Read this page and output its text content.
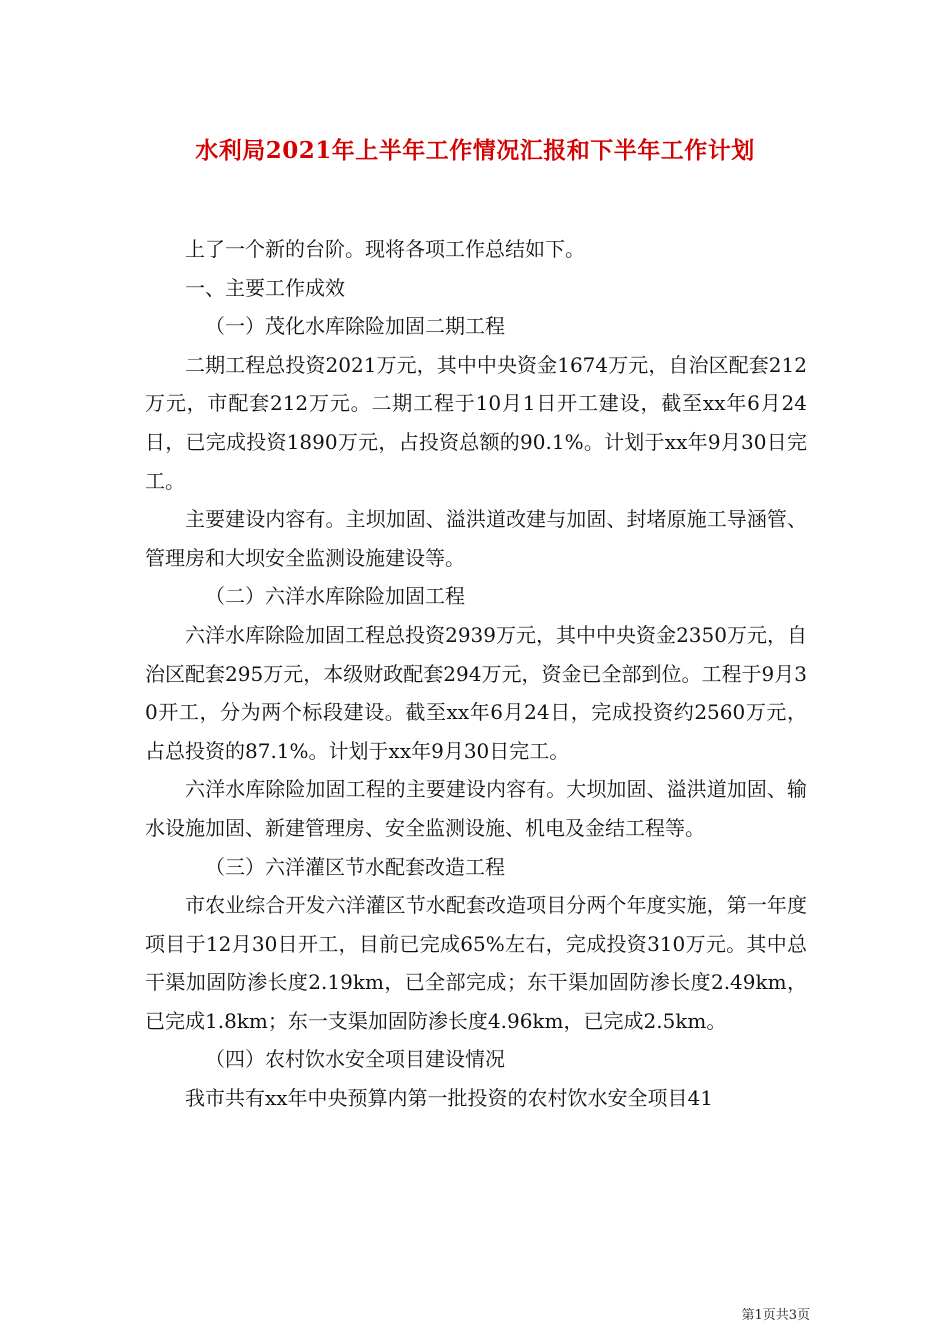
水利局2021年上半年工作情况汇报和下半年工作计划

上了一个新的台阶。现将各项工作总结如下。

一、主要工作成效

（一）茂化水库除险加固二期工程

二期工程总投资2021万元，其中中央资金1674万元，自治区配套212万元，市配套212万元。二期工程于10月1日开工建设，截至xx年6月24日，已完成投资1890万元，占投资总额的90.1%。计划于xx年9月30日完工。

主要建设内容有。主坝加固、溢洪道改建与加固、封堵原施工导涵管、管理房和大坝安全监测设施建设等。

（二）六洋水库除险加固工程

六洋水库除险加固工程总投资2939万元，其中中央资金2350万元，自治区配套295万元，本级财政配套294万元，资金已全部到位。工程于9月30开工，分为两个标段建设。截至xx年6月24日，完成投资约2560万元，占总投资的87.1%。计划于xx年9月30日完工。

六洋水库除险加固工程的主要建设内容有。大坝加固、溢洪道加固、输水设施加固、新建管理房、安全监测设施、机电及金结工程等。

（三）六洋灌区节水配套改造工程

市农业综合开发六洋灌区节水配套改造项目分两个年度实施，第一年度项目于12月30日开工，目前已完成65%左右，完成投资310万元。其中总干渠加固防渗长度2.19km，已全部完成；东干渠加固防渗长度2.49km，已完成1.8km；东一支渠加固防渗长度4.96km，已完成2.5km。

（四）农村饮水安全项目建设情况

我市共有xx年中央预算内第一批投资的农村饮水安全项目41

第1页共3页
